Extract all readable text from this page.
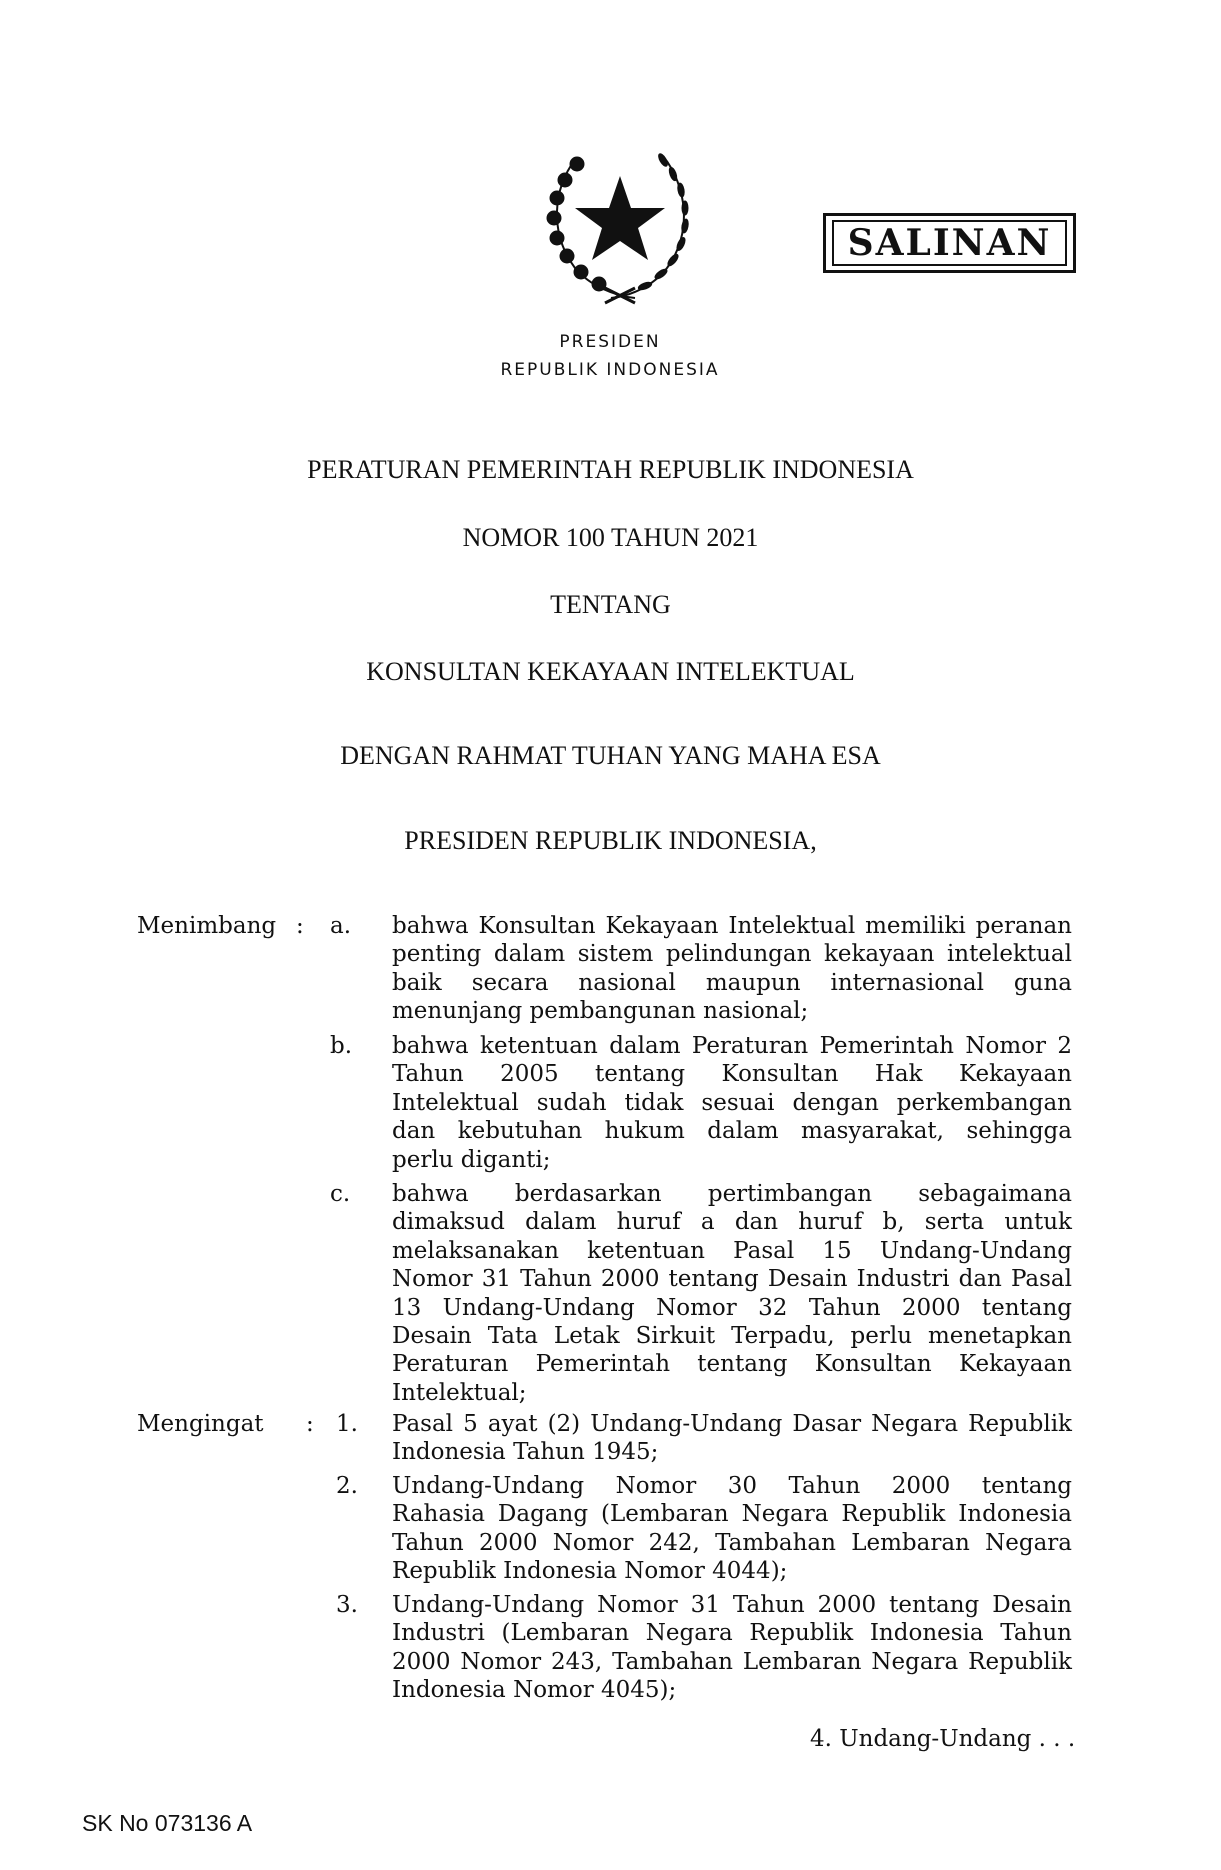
SALINAN
PRESIDEN
REPUBLIK INDONESIA
PERATURAN PEMERINTAH REPUBLIK INDONESIA
NOMOR 100 TAHUN 2021
TENTANG
KONSULTAN KEKAYAAN INTELEKTUAL
DENGAN RAHMAT TUHAN YANG MAHA ESA
PRESIDEN REPUBLIK INDONESIA,
Menimbang : a.	bahwa Konsultan Kekayaan Intelektual memiliki peranan
penting dalam sistem pelindungan kekayaan intelektual
baik secara nasional maupun internasional guna
menunjang pembangunan nasional;
b.	bahwa ketentuan dalam Peraturan Pemerintah Nomor 2
Tahun 2005 tentang Konsultan Hak Kekayaan
Intelektual sudah tidak sesuai dengan perkembangan
dan kebutuhan hukum dalam masyarakat, sehingga
perlu diganti;
c.	bahwa berdasarkan pertimbangan sebagaimana
dimaksud dalam huruf a dan huruf b, serta untuk
melaksanakan ketentuan Pasal 15 Undang-Undang
Nomor 31 Tahun 2000 tentang Desain Industri dan Pasal
13 Undang-Undang Nomor 32 Tahun 2000 tentang
Desain Tata Letak Sirkuit Terpadu, perlu menetapkan
Peraturan Pemerintah tentang Konsultan Kekayaan
Intelektual;
Mengingat : 1.	Pasal 5 ayat (2) Undang-Undang Dasar Negara Republik
Indonesia Tahun 1945;
2.	Undang-Undang Nomor 30 Tahun 2000 tentang
Rahasia Dagang (Lembaran Negara Republik Indonesia
Tahun 2000 Nomor 242, Tambahan Lembaran Negara
Republik Indonesia Nomor 4044);
3.	Undang-Undang Nomor 31 Tahun 2000 tentang Desain
Industri (Lembaran Negara Republik Indonesia Tahun
2000 Nomor 243, Tambahan Lembaran Negara Republik
Indonesia Nomor 4045);
4. Undang-Undang . . .
SK No 073136 A
